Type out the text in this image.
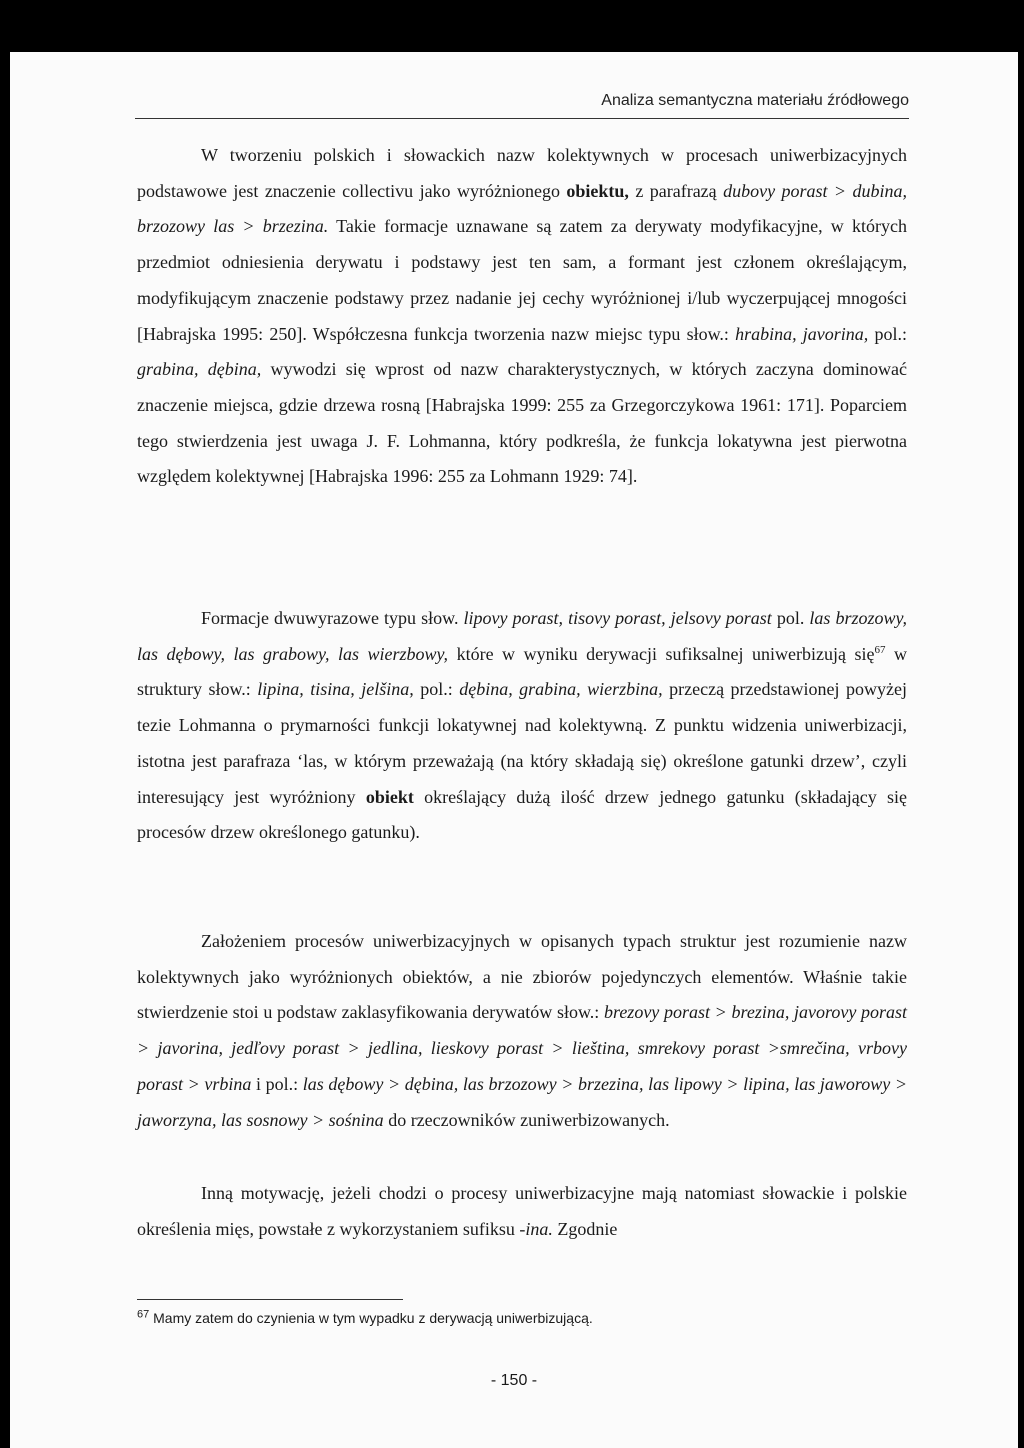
Analiza semantyczna materiału źródłowego

W tworzeniu polskich i słowackich nazw kolektywnych w procesach uniwerbizacyjnych podstawowe jest znaczenie collectivu jako wyróżnionego obiektu, z parafrazą dubovy porast > dubina, brzozowy las > brzezina. Takie formacje uznawane są zatem za derywaty modyfikacyjne, w których przedmiot odniesienia derywatu i podstawy jest ten sam, a formant jest członem określającym, modyfikującym znaczenie podstawy przez nadanie jej cechy wyróżnionej i/lub wyczerpującej mnogości [Habrajska 1995: 250]. Współczesna funkcja tworzenia nazw miejsc typu słow.: hrabina, javorina, pol.: grabina, dębina, wywodzi się wprost od nazw charakterystycznych, w których zaczyna dominować znaczenie miejsca, gdzie drzewa rosną [Habrajska 1999: 255 za Grzegorczykowa 1961: 171]. Poparciem tego stwierdzenia jest uwaga J. F. Lohmanna, który podkreśla, że funkcja lokatywna jest pierwotna względem kolektywnej [Habrajska 1996: 255 za Lohmann 1929: 74].

Formacje dwuwyrazowe typu słow. lipovy porast, tisovy porast, jelsovy porast pol. las brzozowy, las dębowy, las grabowy, las wierzbowy, które w wyniku derywacji sufiksalnej uniwerbizują się$^{67}$ w struktury słow.: lipina, tisina, jelšina, pol.: dębina, grabina, wierzbina, przeczą przedstawionej powyżej tezie Lohmanna o prymarności funkcji lokatywnej nad kolektywną. Z punktu widzenia uniwerbizacji, istotna jest parafraza ‘las, w którym przeważają (na który składają się) określone gatunki drzew’, czyli interesujący jest wyróżniony obiekt określający dużą ilość drzew jednego gatunku (składający się procesów drzew określonego gatunku).

Założeniem procesów uniwerbizacyjnych w opisanych typach struktur jest rozumienie nazw kolektywnych jako wyróżnionych obiektów, a nie zbiorów pojedynczych elementów. Właśnie takie stwierdzenie stoi u podstaw zaklasyfikowania derywatów słow.: brezovy porast > brezina, javorovy porast > javorina, jedľovy porast > jedlina, lieskovy porast > lieština, smrekovy porast >smrečina, vrbovy porast > vrbina i pol.: las dębowy > dębina, las brzozowy > brzezina, las lipowy > lipina, las jaworowy > jaworzyna, las sosnowy > sośnina do rzeczowników zuniwerbizowanych.

Inną motywację, jeżeli chodzi o procesy uniwerbizacyjne mają natomiast słowackie i polskie określenia mięs, powstałe z wykorzystaniem sufiksu -ina. Zgodnie

$^{67}$ Mamy zatem do czynienia w tym wypadku z derywacją uniwerbizującą.
- 150 -
